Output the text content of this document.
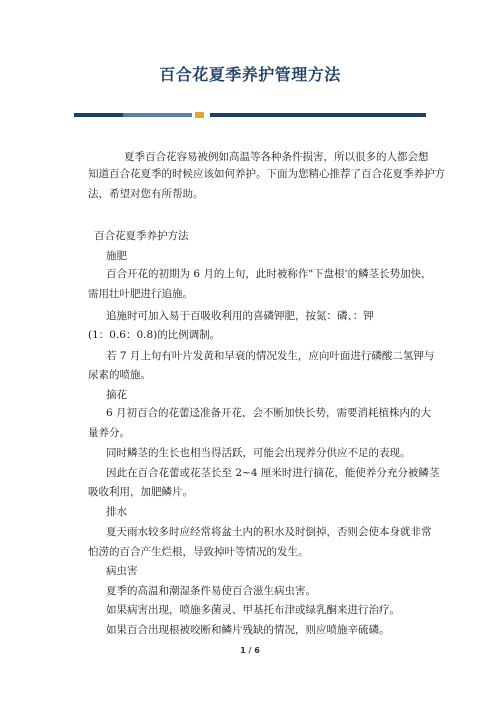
百合花夏季养护管理方法
夏季百合花容易被例如高温等各种条件损害，所以很多的人都会想
知道百合花夏季的时候应该如何养护。下面为您精心推荐了百合花夏季养护方
法，希望对您有所帮助。
百合花夏季养护方法
施肥
百合开花的初期为 6 月的上旬，此时被称作"下盘根'的鳞茎长势加快，
需用壮叶肥进行追施。
追施时可加入易于百吸收利用的喜磷钾肥，按氮：磷、：钾
(1：0.6：0.8)的比例调制。
若 7 月上旬有叶片发黄和早衰的情况发生，应向叶面进行磷酸二氢钾与
尿素的喷施。
摘花
6 月初百合的花蕾迳准备开花，会不断加快长势，需要消耗植株内的大
量养分。
同时鳞茎的生长也相当得活跃，可能会出现养分供应不足的表现。
因此在百合花蕾或花茎长至 2~4 厘米时进行摘花，能使养分充分被鳞茎
吸收利用，加肥鳞片。
排水
夏天雨水较多时应经常将盆土内的积水及时倒掉，否则会使本身就非常
怕涝的百合产生烂根，导致掉叶等情况的发生。
病虫害
夏季的高温和潮湿条件易使百合滋生病虫害。
如果病害出现，喷施多菌灵、甲基托布津或绿乳酮来进行治疗。
如果百合出现根被咬断和鳞片残缺的情况，则应喷施辛硫磷。
1 / 6
